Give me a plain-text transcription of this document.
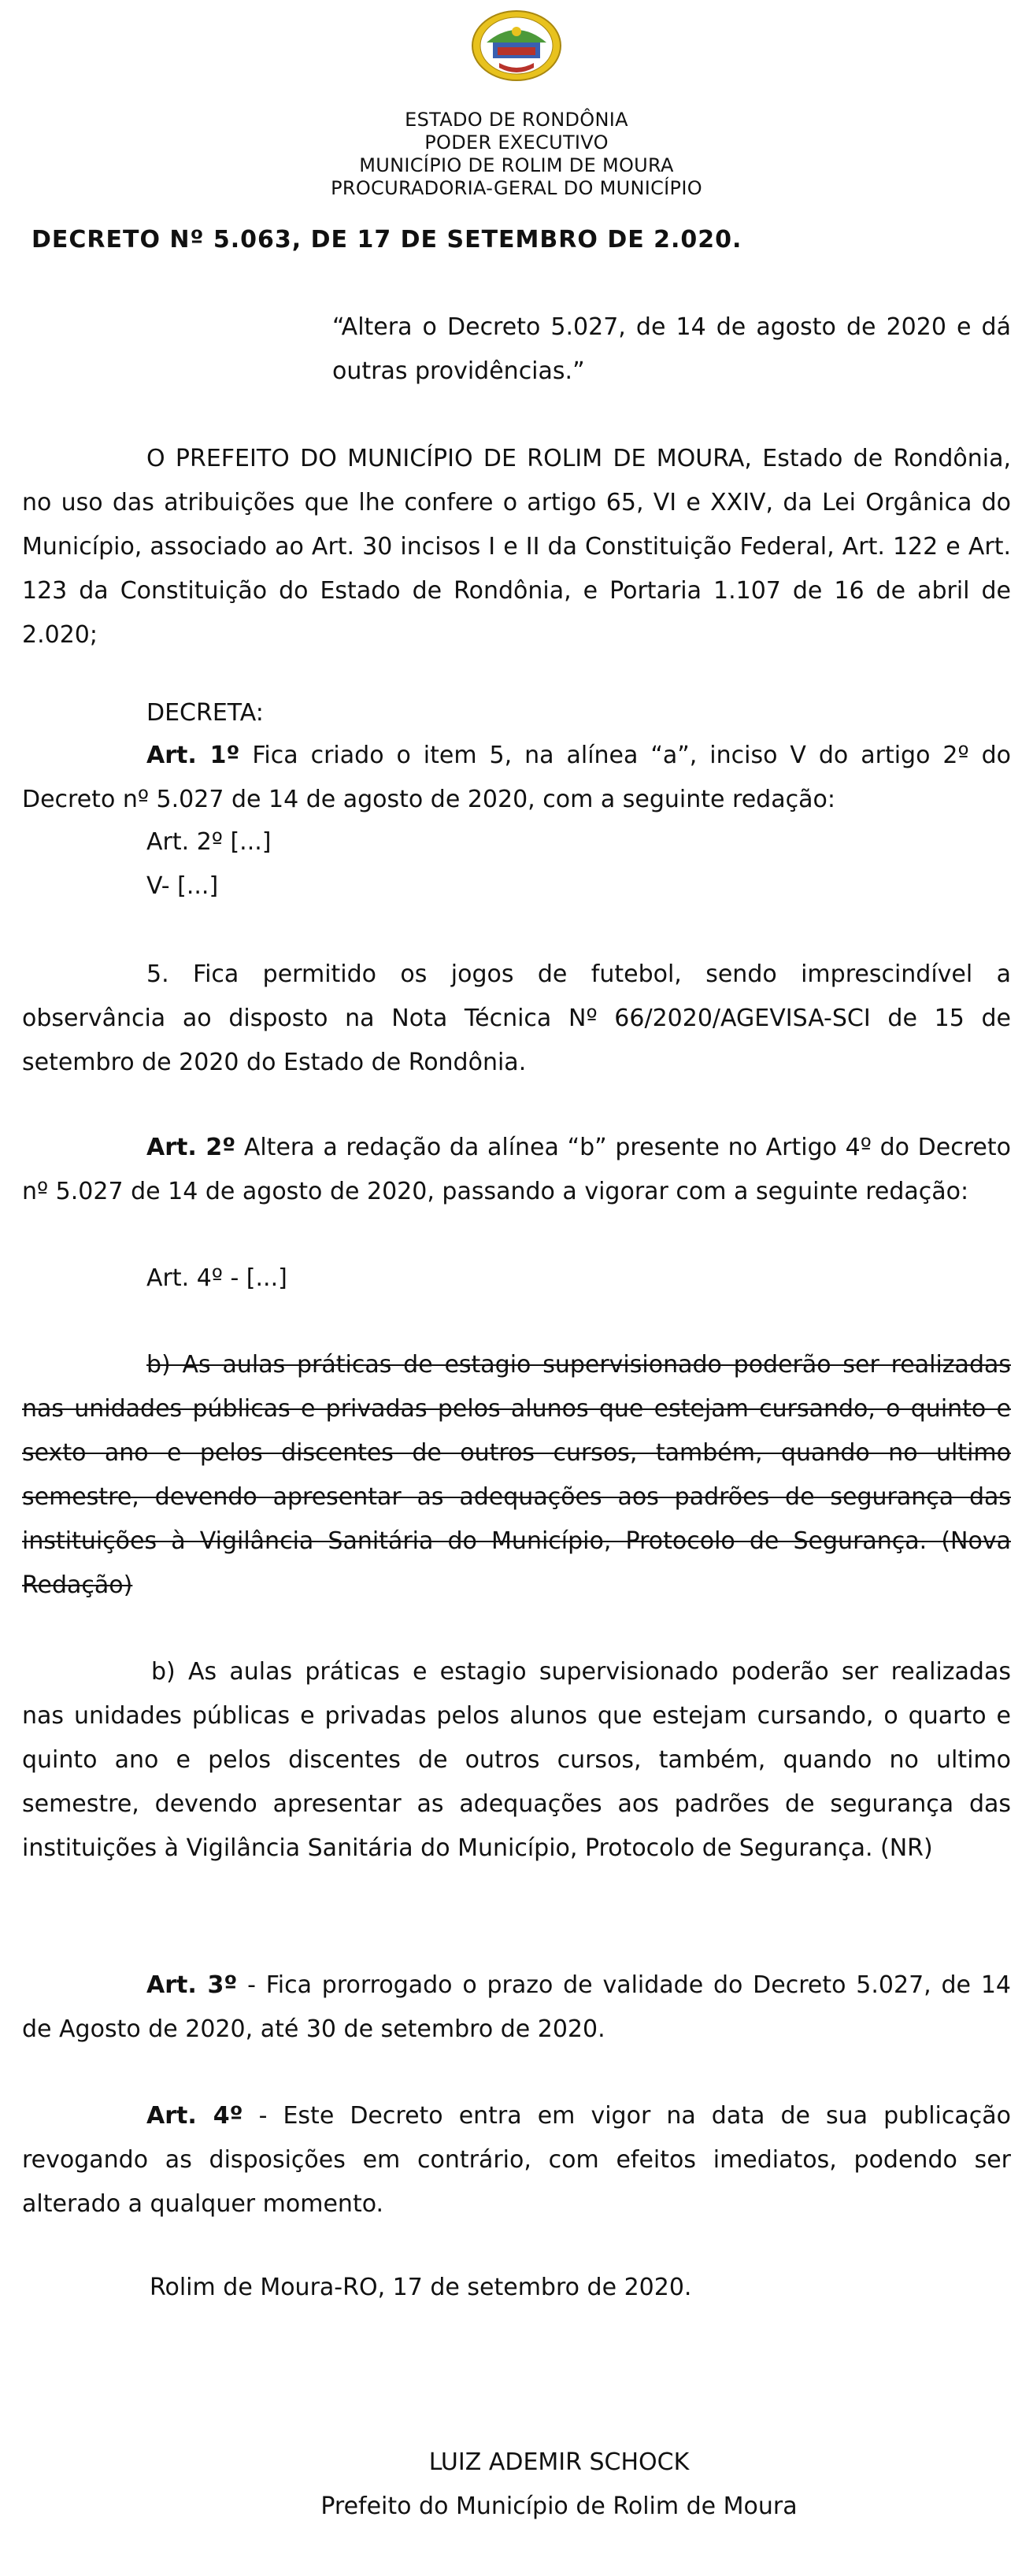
ESTADO DE RONDÔNIA
PODER EXECUTIVO
MUNICÍPIO DE ROLIM DE MOURA
PROCURADORIA-GERAL DO MUNICÍPIO
DECRETO Nº 5.063, DE 17 DE SETEMBRO DE 2.020.
“Altera o Decreto 5.027, de 14 de agosto de 2020 e dá outras providências.”
O PREFEITO DO MUNICÍPIO DE ROLIM DE MOURA, Estado de Rondônia, no uso das atribuições que lhe confere o artigo 65, VI e XXIV, da Lei Orgânica do Município, associado ao Art. 30 incisos I e II da Constituição Federal, Art. 122 e Art. 123 da Constituição do Estado de Rondônia, e Portaria 1.107 de 16 de abril de 2.020;
DECRETA:
Art. 1º Fica criado o item 5, na alínea “a”, inciso V do artigo 2º do Decreto nº 5.027 de 14 de agosto de 2020, com a seguinte redação:
Art. 2º [...]
V- [...]
5. Fica permitido os jogos de futebol, sendo imprescindível a observância ao disposto na Nota Técnica Nº 66/2020/AGEVISA-SCI de 15 de setembro de 2020 do Estado de Rondônia.
Art. 2º Altera a redação da alínea “b” presente no Artigo 4º do Decreto nº 5.027 de 14 de agosto de 2020, passando a vigorar com a seguinte redação:
Art. 4º - [...]
b) As aulas práticas de estagio supervisionado poderão ser realizadas nas unidades públicas e privadas pelos alunos que estejam cursando, o quinto e sexto ano e pelos discentes de outros cursos, também, quando no ultimo semestre, devendo apresentar as adequações aos padrões de segurança das instituições à Vigilância Sanitária do Município, Protocolo de Segurança. (Nova Redação)
b) As aulas práticas e estagio supervisionado poderão ser realizadas nas unidades públicas e privadas pelos alunos que estejam cursando, o quarto e quinto ano e pelos discentes de outros cursos, também, quando no ultimo semestre, devendo apresentar as adequações aos padrões de segurança das instituições à Vigilância Sanitária do Município, Protocolo de Segurança. (NR)
Art. 3º - Fica prorrogado o prazo de validade do Decreto 5.027, de 14 de Agosto de 2020, até 30 de setembro de 2020.
Art. 4º - Este Decreto entra em vigor na data de sua publicação revogando as disposições em contrário, com efeitos imediatos, podendo ser alterado a qualquer momento.
Rolim de Moura-RO, 17 de setembro de 2020.
LUIZ ADEMIR SCHOCK
Prefeito do Município de Rolim de Moura
